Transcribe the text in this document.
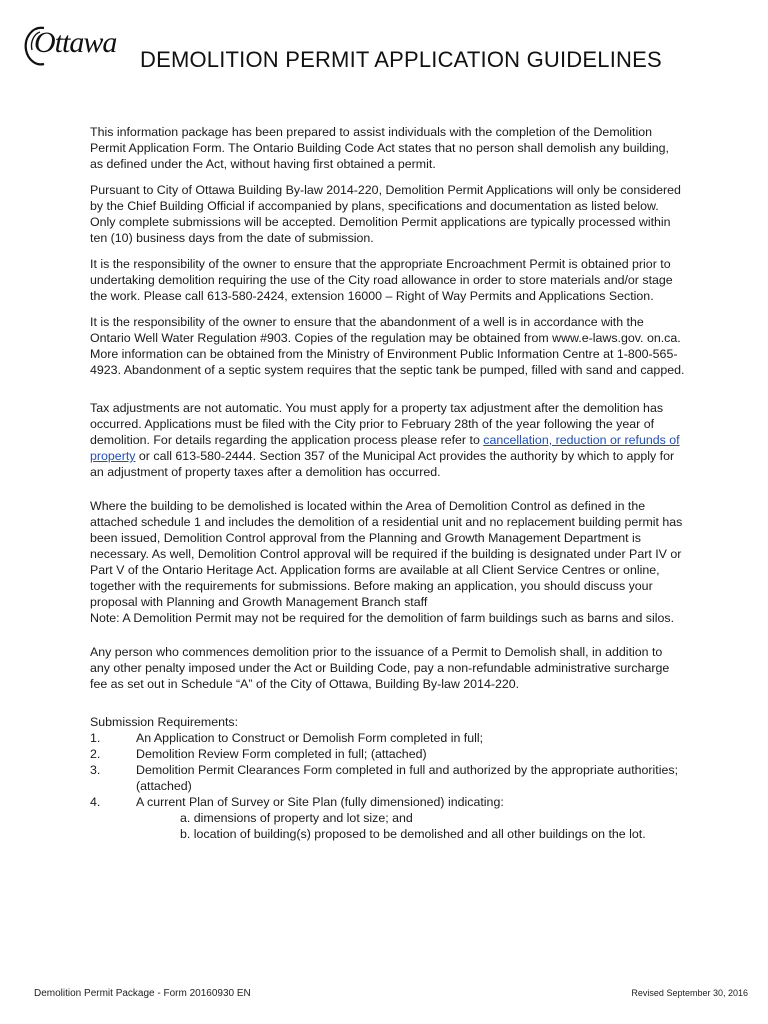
Ottawa
DEMOLITION PERMIT APPLICATION GUIDELINES

This information package has been prepared to assist individuals with the completion of the Demolition Permit Application Form. The Ontario Building Code Act states that no person shall demolish any building, as defined under the Act, without having first obtained a permit.

Pursuant to City of Ottawa Building By-law 2014-220, Demolition Permit Applications will only be considered by the Chief Building Official if accompanied by plans, specifications and documentation as listed below. Only complete submissions will be accepted. Demolition Permit applications are typically processed within ten (10) business days from the date of submission.

It is the responsibility of the owner to ensure that the appropriate Encroachment Permit is obtained prior to undertaking demolition requiring the use of the City road allowance in order to store materials and/or stage the work. Please call 613-580-2424, extension 16000 – Right of Way Permits and Applications Section.

It is the responsibility of the owner to ensure that the abandonment of a well is in accordance with the Ontario Well Water Regulation #903. Copies of the regulation may be obtained from www.e-laws.gov. on.ca. More information can be obtained from the Ministry of Environment Public Information Centre at 1-800-565-4923. Abandonment of a septic system requires that the septic tank be pumped, filled with sand and capped.

Tax adjustments are not automatic. You must apply for a property tax adjustment after the demolition has occurred. Applications must be filed with the City prior to February 28th of the year following the year of demolition. For details regarding the application process please refer to cancellation, reduction or refunds of property or call 613-580-2444. Section 357 of the Municipal Act provides the authority by which to apply for an adjustment of property taxes after a demolition has occurred.

Where the building to be demolished is located within the Area of Demolition Control as defined in the attached schedule 1 and includes the demolition of a residential unit and no replacement building permit has been issued, Demolition Control approval from the Planning and Growth Management Department is necessary. As well, Demolition Control approval will be required if the building is designated under Part IV or Part V of the Ontario Heritage Act. Application forms are available at all Client Service Centres or online, together with the requirements for submissions. Before making an application, you should discuss your proposal with Planning and Growth Management Branch staff
Note: A Demolition Permit may not be required for the demolition of farm buildings such as barns and silos.

Any person who commences demolition prior to the issuance of a Permit to Demolish shall, in addition to any other penalty imposed under the Act or Building Code, pay a non-refundable administrative surcharge fee as set out in Schedule “A” of the City of Ottawa, Building By-law 2014-220.

Submission Requirements:
1.	An Application to Construct or Demolish Form completed in full;
2.	Demolition Review Form completed in full; (attached)
3.	Demolition Permit Clearances Form completed in full and authorized by the appropriate authorities; (attached)
4.	A current Plan of Survey or Site Plan (fully dimensioned) indicating:
a. dimensions of property and lot size; and
b. location of building(s) proposed to be demolished and all other buildings on the lot.
Demolition Permit Package - Form 20160930 EN	Revised September 30, 2016
